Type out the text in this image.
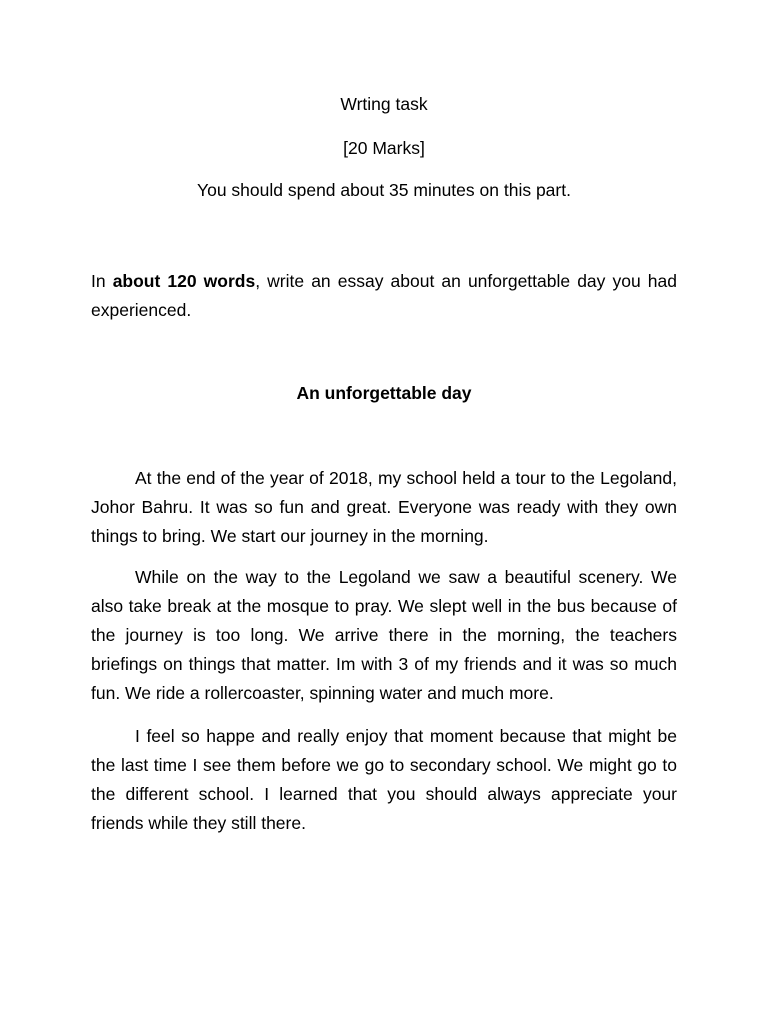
Wrting task
[20 Marks]
You should spend about 35 minutes on this part.
In about 120 words, write an essay about an unforgettable day you had experienced.
An unforgettable day
At the end of the year of 2018, my school held a tour to the Legoland, Johor Bahru. It was so fun and great. Everyone was ready with they own things to bring. We start our journey in the morning.
While on the way to the Legoland we saw a beautiful scenery. We also take break at the mosque to pray. We slept well in the bus because of the journey is too long. We arrive there in the morning, the teachers briefings on things that matter. Im with 3 of my friends and it was so much fun. We ride a rollercoaster, spinning water and much more.
I feel so happe and really enjoy that moment because that might be the last time I see them before we go to secondary school. We might go to the different school. I learned that you should always appreciate your friends while they still there.
